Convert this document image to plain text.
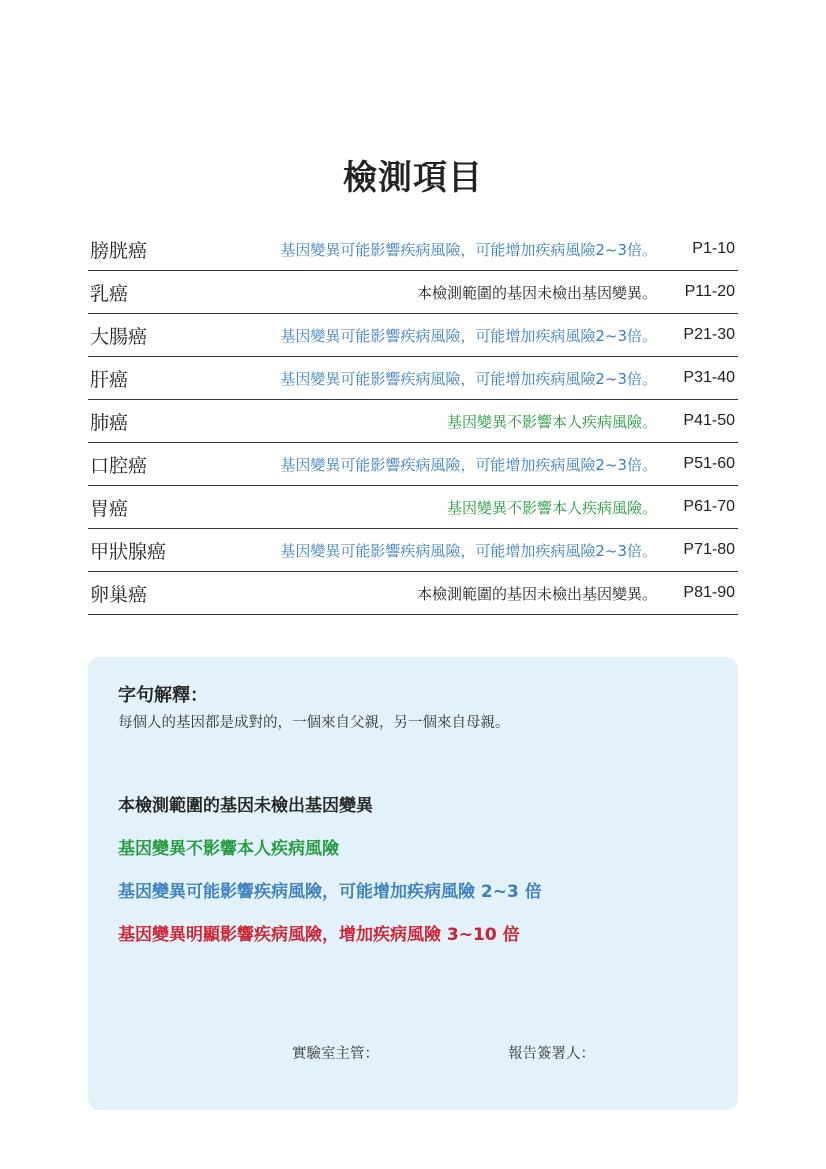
檢測項目
膀胱癌	基因變異可能影響疾病風險，可能增加疾病風險2~3倍。	P1-10
乳癌	本檢測範圍的基因未檢出基因變異。	P11-20
大腸癌	基因變異可能影響疾病風險，可能增加疾病風險2~3倍。	P21-30
肝癌	基因變異可能影響疾病風險，可能增加疾病風險2~3倍。	P31-40
肺癌	基因變異不影響本人疾病風險。	P41-50
口腔癌	基因變異可能影響疾病風險，可能增加疾病風險2~3倍。	P51-60
胃癌	基因變異不影響本人疾病風險。	P61-70
甲狀腺癌	基因變異可能影響疾病風險，可能增加疾病風險2~3倍。	P71-80
卵巢癌	本檢測範圍的基因未檢出基因變異。	P81-90
字句解釋：
每個人的基因都是成對的，一個來自父親，另一個來自母親。
本檢測範圍的基因未檢出基因變異
基因變異不影響本人疾病風險
基因變異可能影響疾病風險，可能增加疾病風險 2~3 倍
基因變異明顯影響疾病風險，增加疾病風險 3~10 倍
實驗室主管：	報告簽署人：
